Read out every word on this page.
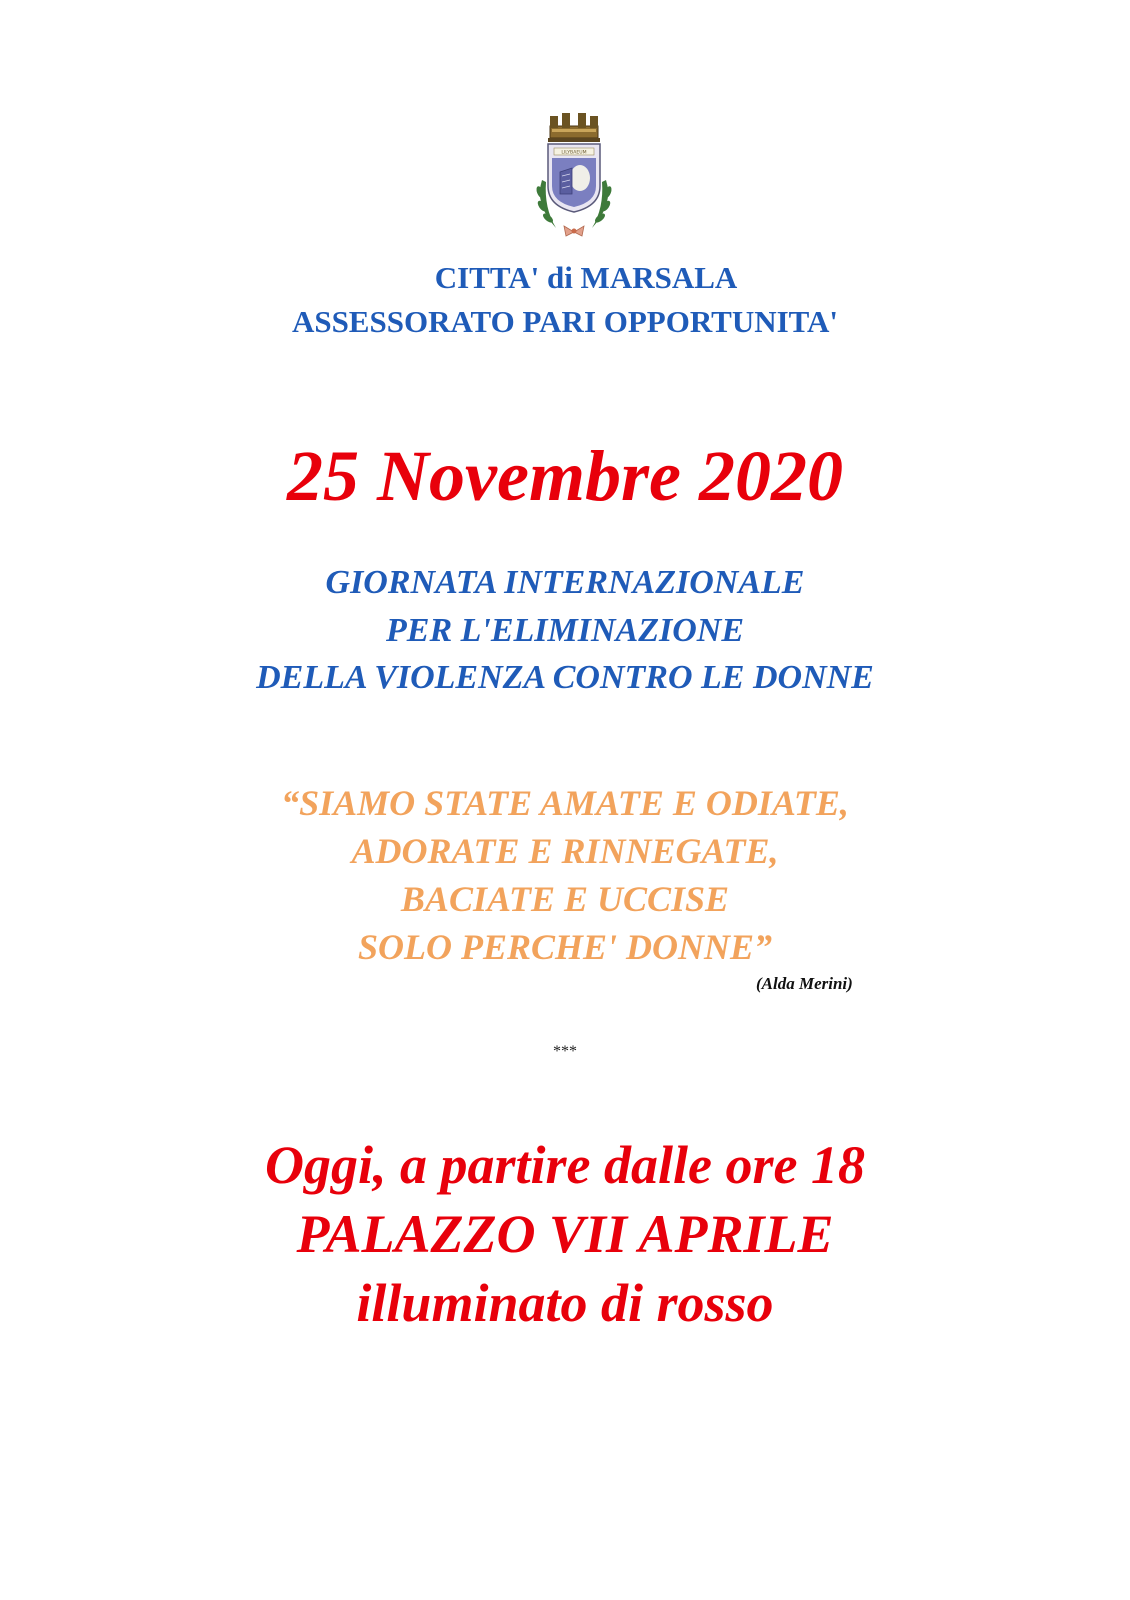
LILYBAEUM
CITTA' di MARSALA
ASSESSORATO PARI OPPORTUNITA'
25 Novembre 2020
GIORNATA INTERNAZIONALE
PER L'ELIMINAZIONE
DELLA VIOLENZA CONTRO LE DONNE
“SIAMO STATE AMATE E ODIATE,
ADORATE E RINNEGATE,
BACIATE E UCCISE
SOLO PERCHE' DONNE”
(Alda Merini)
***
Oggi, a partire dalle ore 18
PALAZZO VII APRILE
illuminato di rosso
